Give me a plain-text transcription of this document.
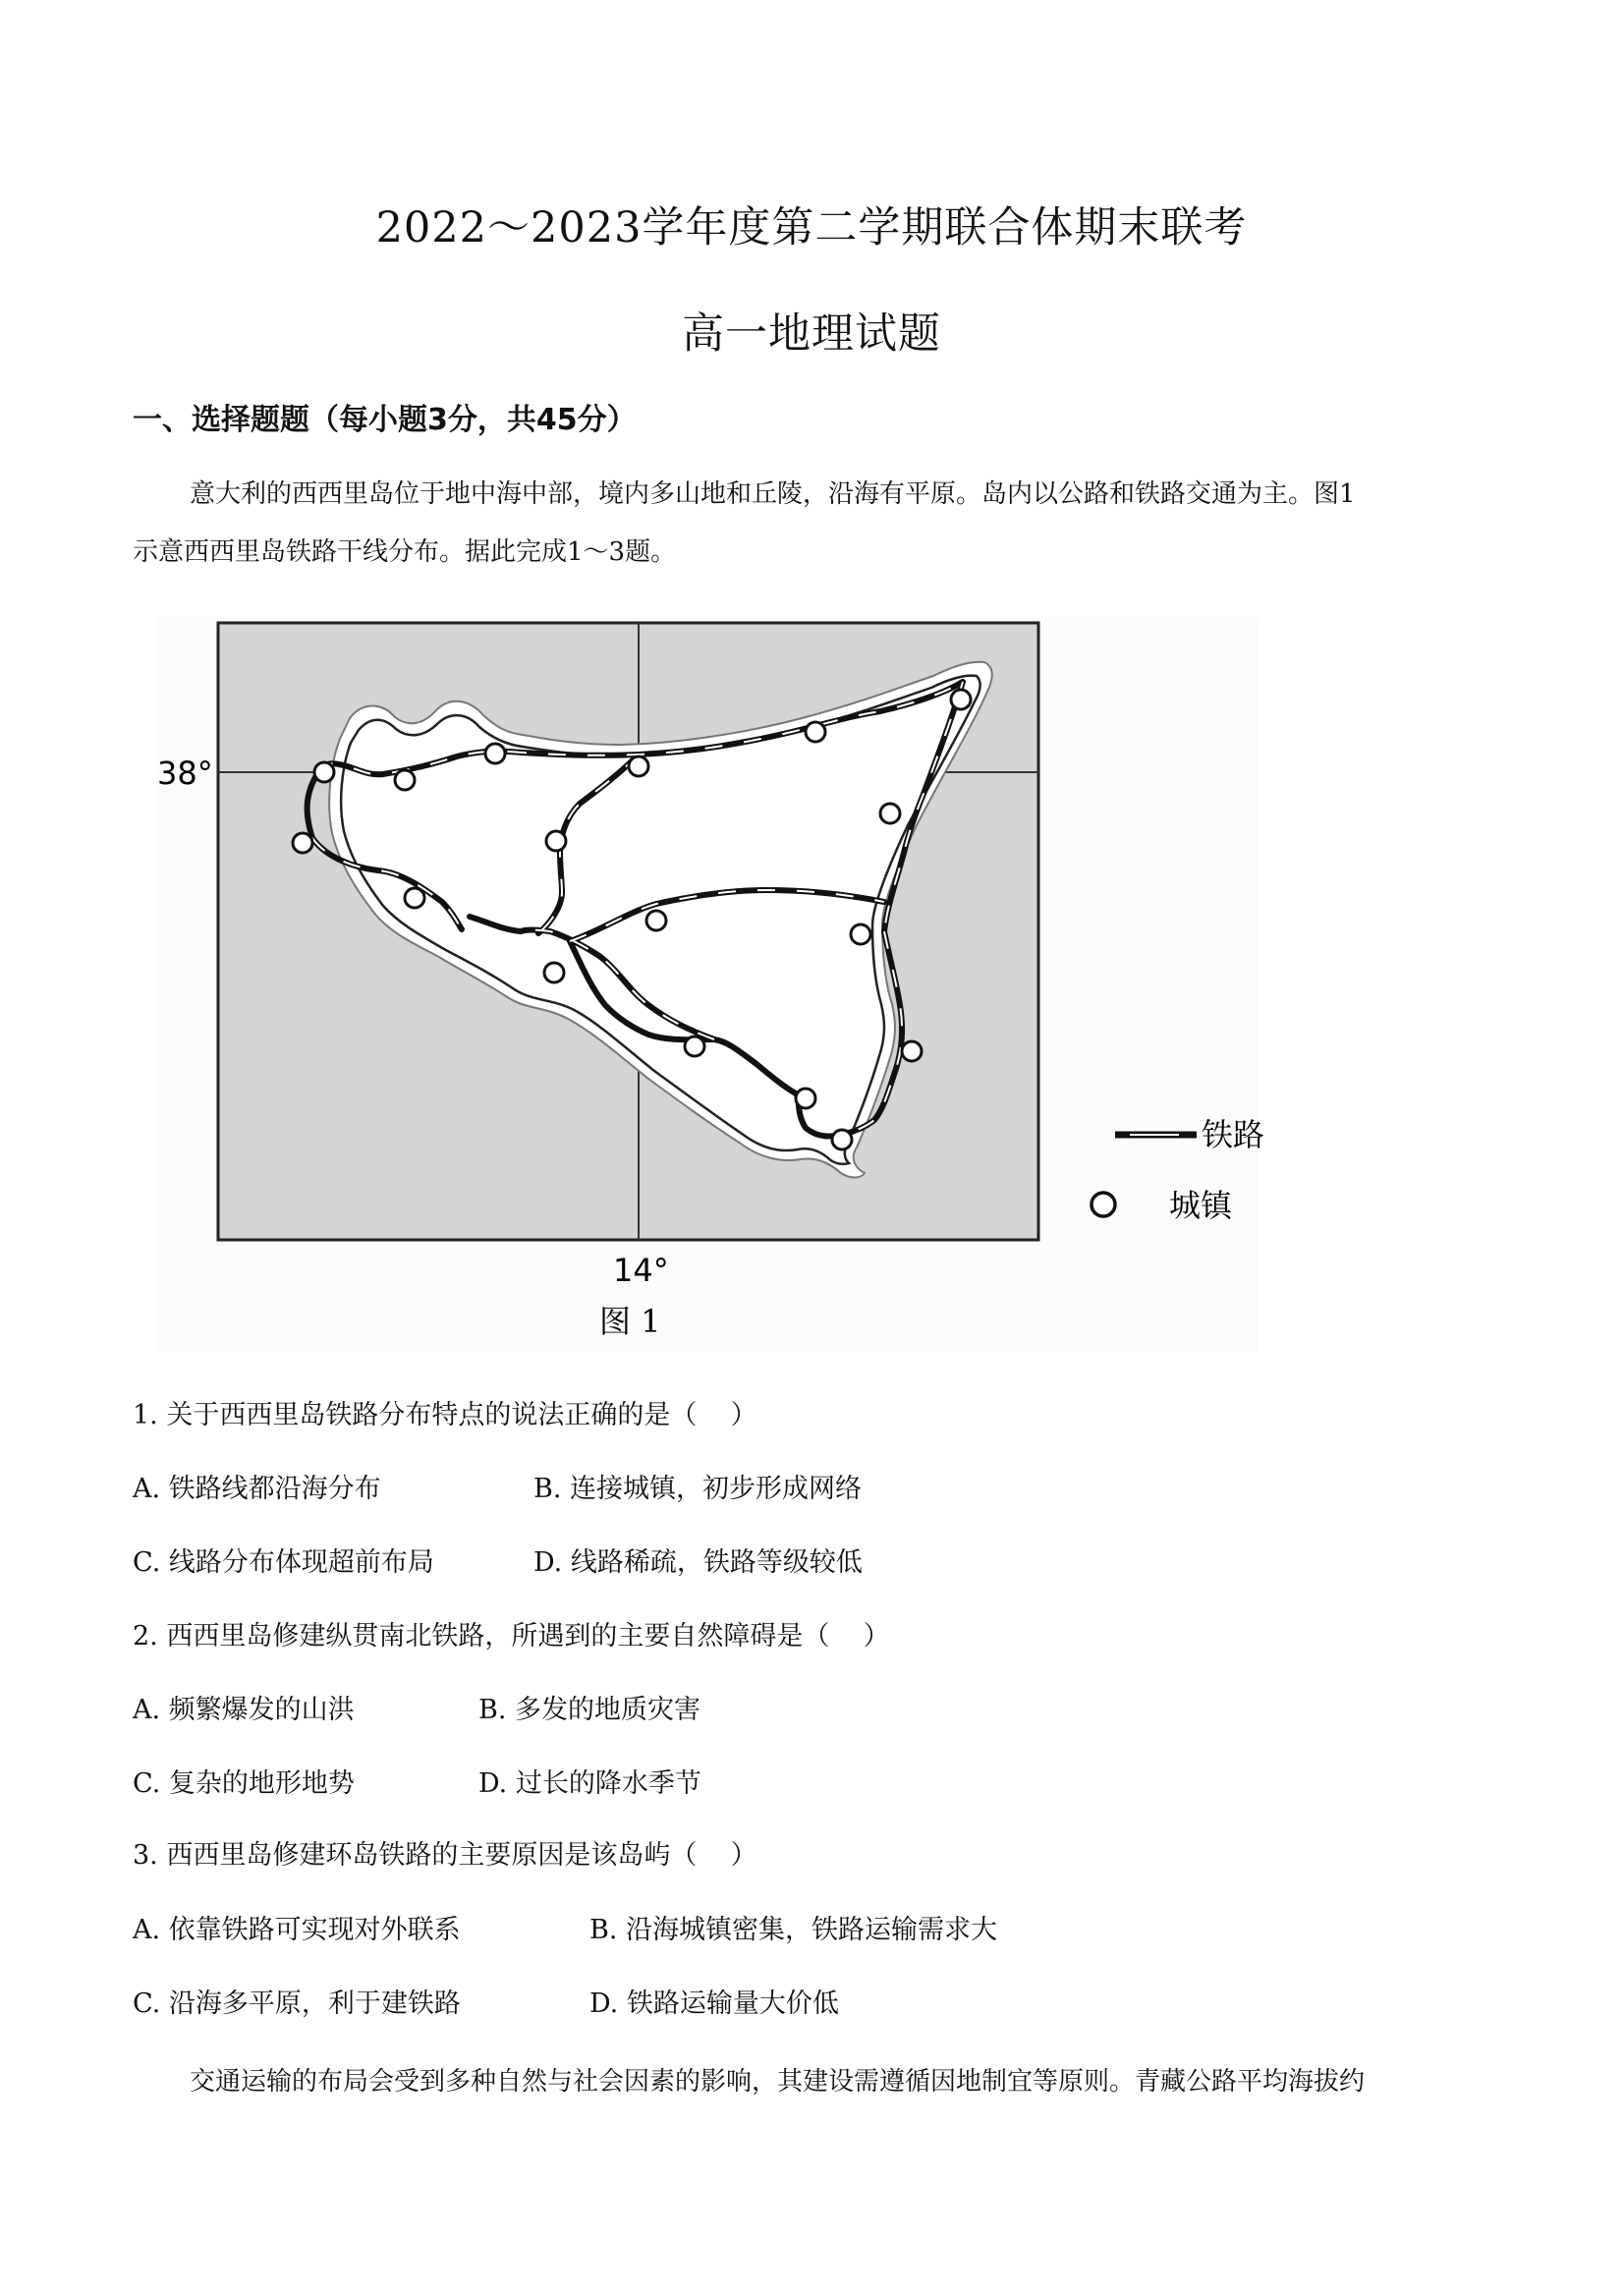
2022～2023学年度第二学期联合体期末联考
高一地理试题
一、选择题题（每小题3分，共45分）
意大利的西西里岛位于地中海中部，境内多山地和丘陵，沿海有平原。岛内以公路和铁路交通为主。图1
示意西西里岛铁路干线分布。据此完成1～3题。
铁路
城镇
38°
14°
图 1
1. 关于西西里岛铁路分布特点的说法正确的是（    ）
A. 铁路线都沿海分布	B. 连接城镇，初步形成网络
C. 线路分布体现超前布局	D. 线路稀疏，铁路等级较低
2. 西西里岛修建纵贯南北铁路，所遇到的主要自然障碍是（    ）
A. 频繁爆发的山洪	B. 多发的地质灾害
C. 复杂的地形地势	D. 过长的降水季节
3. 西西里岛修建环岛铁路的主要原因是该岛屿（    ）
A. 依靠铁路可实现对外联系	B. 沿海城镇密集，铁路运输需求大
C. 沿海多平原，利于建铁路	D. 铁路运输量大价低
交通运输的布局会受到多种自然与社会因素的影响，其建设需遵循因地制宜等原则。青藏公路平均海拔约
